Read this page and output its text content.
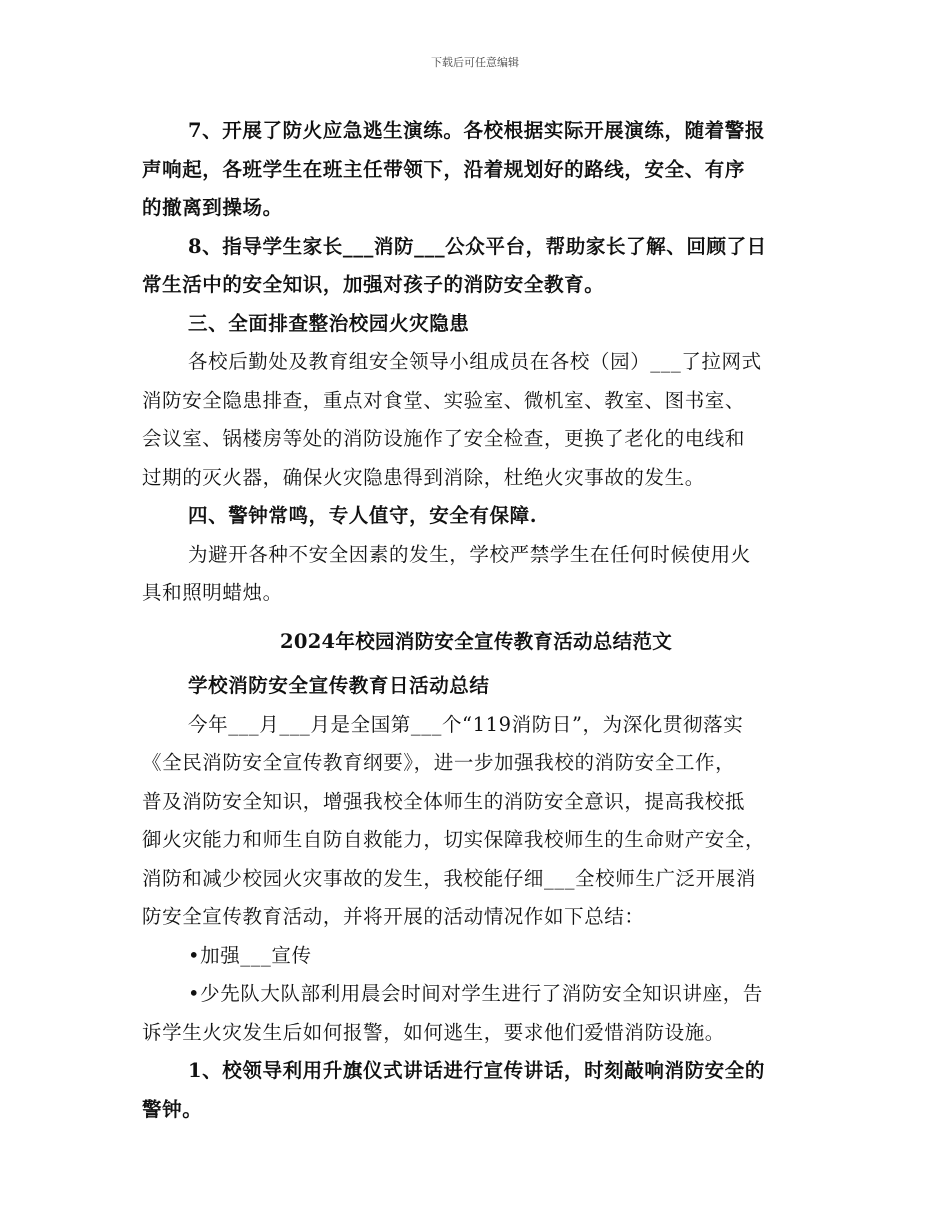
下载后可任意编辑

7、开展了防火应急逃生演练。各校根据实际开展演练，随着警报
声响起，各班学生在班主任带领下，沿着规划好的路线，安全、有序
的撤离到操场。

8、指导学生家长___消防___公众平台，帮助家长了解、回顾了日
常生活中的安全知识，加强对孩子的消防安全教育。

三、全面排查整治校园火灾隐患

各校后勤处及教育组安全领导小组成员在各校（园）___了拉网式
消防安全隐患排查，重点对食堂、实验室、微机室、教室、图书室、
会议室、锅楼房等处的消防设施作了安全检查，更换了老化的电线和
过期的灭火器，确保火灾隐患得到消除，杜绝火灾事故的发生。

四、警钟常鸣，专人值守，安全有保障.

为避开各种不安全因素的发生，学校严禁学生在任何时候使用火
具和照明蜡烛。

2024年校园消防安全宣传教育活动总结范文

学校消防安全宣传教育日活动总结

今年___月___月是全国第___个“119消防日”，为深化贯彻落实
《全民消防安全宣传教育纲要》，进一步加强我校的消防安全工作，
普及消防安全知识，增强我校全体师生的消防安全意识，提高我校抵
御火灾能力和师生自防自救能力，切实保障我校师生的生命财产安全，
消防和减少校园火灾事故的发生，我校能仔细___全校师生广泛开展消
防安全宣传教育活动，并将开展的活动情况作如下总结：

•加强___宣传

•少先队大队部利用晨会时间对学生进行了消防安全知识讲座，告
诉学生火灾发生后如何报警，如何逃生，要求他们爱惜消防设施。

1、校领导利用升旗仪式讲话进行宣传讲话，时刻敲响消防安全的
警钟。
